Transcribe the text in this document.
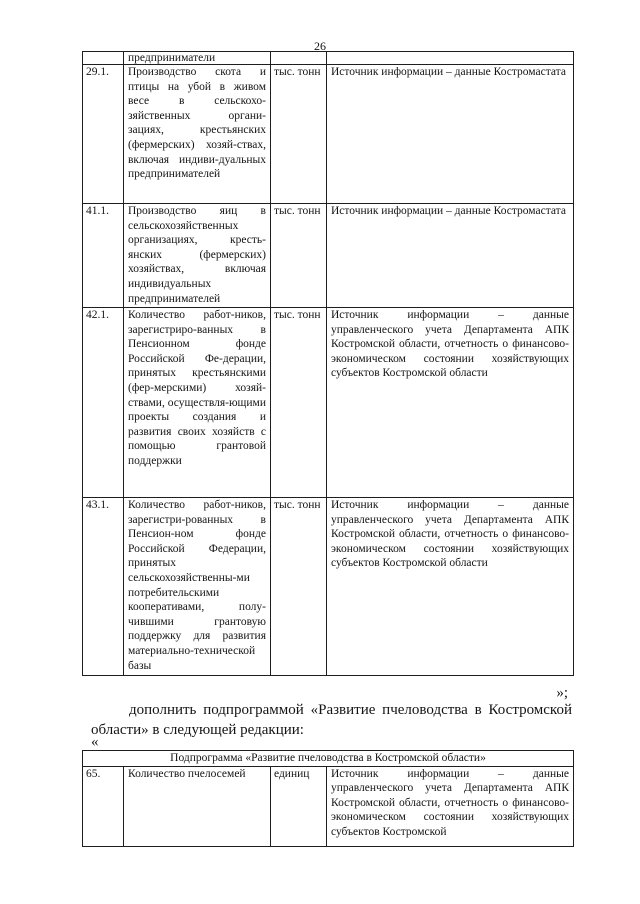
26
	предприниматели		
29.1.	Производство скота и птицы на убой в живом весе в сельскохо-зяйственных органи-зациях, крестьянских (фермерских) хозяй-ствах, включая индиви-дуальных предпринимателей	тыс. тонн	Источник информации – данные Костромастата
41.1.	Производство яиц в сельскохозяйственных организациях, кресть-янских (фермерских) хозяйствах, включая индивидуальных предпринимателей	тыс. тонн	Источник информации – данные Костромастата
42.1.	Количество работ-ников, зарегистриро-ванных в Пенсионном фонде Российской Фе-дерации, принятых крестьянскими (фер-мерскими) хозяй-ствами, осуществля-ющими проекты создания и развития своих хозяйств с помощью грантовой поддержки	тыс. тонн	Источник информации – данные управленческого учета Департамента АПК Костромской области, отчетность о финансово-экономическом состоянии хозяйствующих субъектов Костромской области
43.1.	Количество работ-ников, зарегистри-рованных в Пенсион-ном фонде Российской Федерации, принятых сельскохозяйственны-ми потребительскими кооперативами, полу-чившими грантовую поддержку для развития материально-технической базы	тыс. тонн	Источник информации – данные управленческого учета Департамента АПК Костромской области, отчетность о финансово-экономическом состоянии хозяйствующих субъектов Костромской области
»;
дополнить подпрограммой «Развитие пчеловодства в Костромской области» в следующей редакции:
«
Подпрограмма «Развитие пчеловодства в Костромской области»
65.	Количество пчелосемей	единиц	Источник информации – данные управленческого учета Департамента АПК Костромской области, отчетность о финансово-экономическом состоянии хозяйствующих субъектов Костромской
